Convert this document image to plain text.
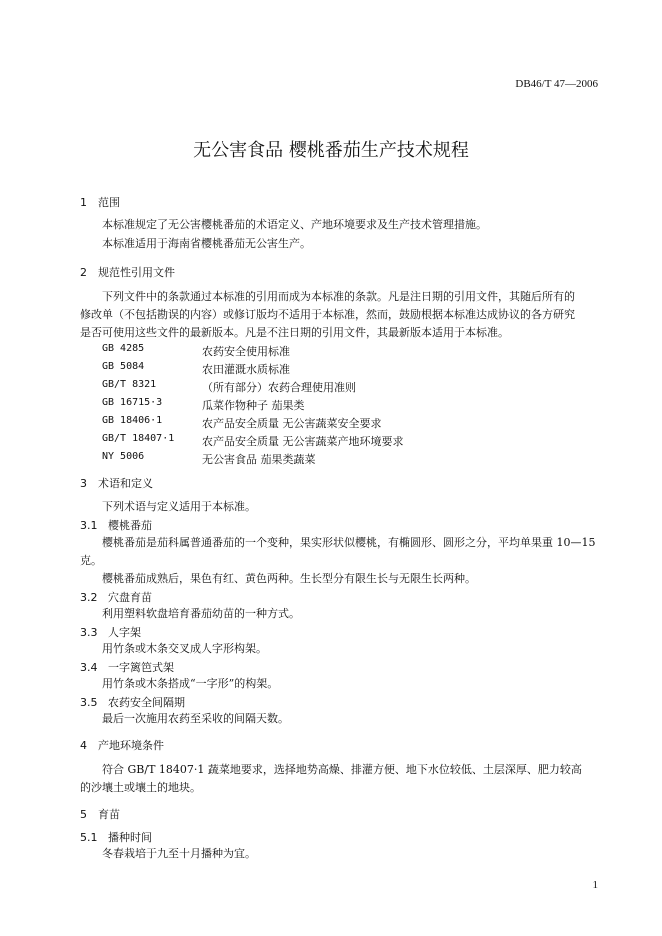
DB46/T 47—2006
无公害食品 樱桃番茄生产技术规程
1 范围
本标准规定了无公害樱桃番茄的术语定义、产地环境要求及生产技术管理措施。
本标准适用于海南省樱桃番茄无公害生产。
2 规范性引用文件
下列文件中的条款通过本标准的引用而成为本标准的条款。凡是注日期的引用文件，其随后所有的
修改单（不包括勘误的内容）或修订版均不适用于本标准，然而，鼓励根据本标准达成协议的各方研究
是否可使用这些文件的最新版本。凡是不注日期的引用文件，其最新版本适用于本标准。
GB 4285	农药安全使用标准
GB 5084	农田灌溉水质标准
GB/T 8321	（所有部分）农药合理使用准则
GB 16715·3	瓜菜作物种子 茄果类
GB 18406·1	农产品安全质量 无公害蔬菜安全要求
GB/T 18407·1	农产品安全质量 无公害蔬菜产地环境要求
NY 5006	无公害食品 茄果类蔬菜
3 术语和定义
下列术语与定义适用于本标准。
3.1 樱桃番茄
樱桃番茄是茄科属普通番茄的一个变种，果实形状似樱桃，有椭圆形、圆形之分，平均单果重 10—15
克。
樱桃番茄成熟后，果色有红、黄色两种。生长型分有限生长与无限生长两种。
3.2 穴盘育苗
利用塑料软盘培育番茄幼苗的一种方式。
3.3 人字架
用竹条或木条交叉成人字形构架。
3.4 一字篱笆式架
用竹条或木条搭成“一字形”的构架。
3.5 农药安全间隔期
最后一次施用农药至采收的间隔天数。
4 产地环境条件
符合 GB/T 18407·1 蔬菜地要求，选择地势高燥、排灌方便、地下水位较低、土层深厚、肥力较高
的沙壤土或壤土的地块。
5 育苗
5.1 播种时间
冬春栽培于九至十月播种为宜。
1
